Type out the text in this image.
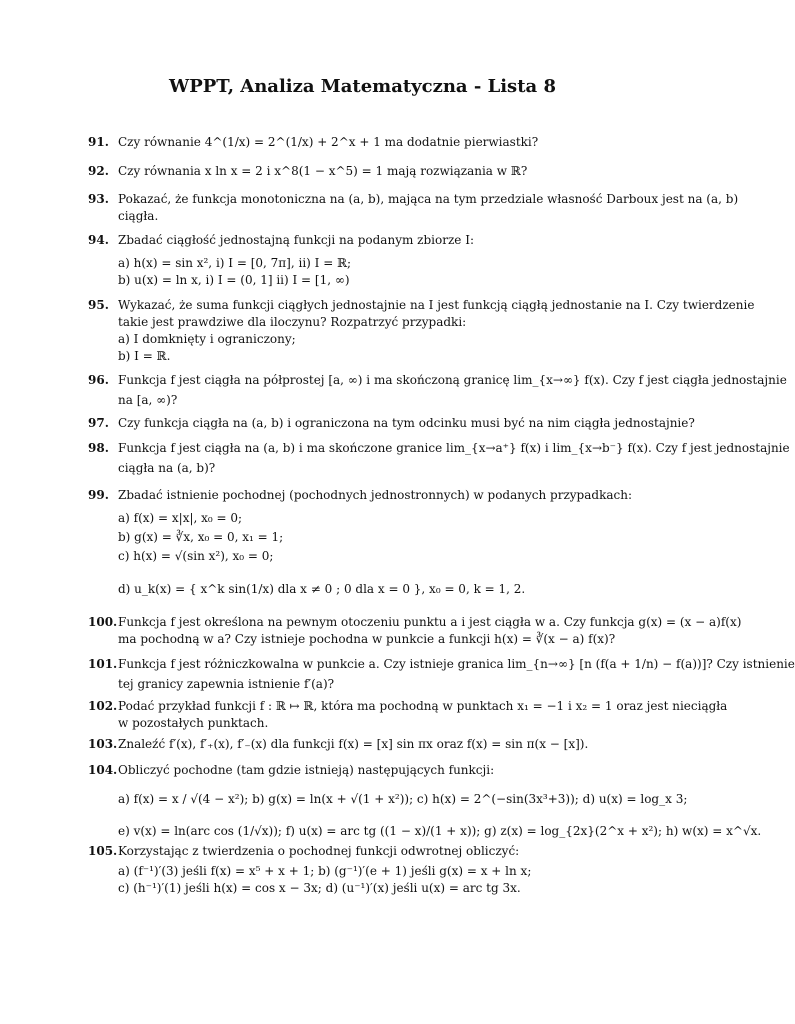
WPPT, Analiza Matematyczna - Lista 8
91. Czy równanie 4^(1/x) = 2^(1/x) + 2^x + 1 ma dodatnie pierwiastki?
92. Czy równania x ln x = 2 i x^8(1 − x^5) = 1 mają rozwiązania w ℝ?
93. Pokazać, że funkcja monotoniczna na (a, b), mająca na tym przedziale własność Darboux jest na (a, b)
ciągła.
94. Zbadać ciągłość jednostajną funkcji na podanym zbiorze I:
a) h(x) = sin x², i) I = [0, 7π], ii) I = ℝ;
b) u(x) = ln x, i) I = (0, 1] ii) I = [1, ∞)
95. Wykazać, że suma funkcji ciągłych jednostajnie na I jest funkcją ciągłą jednostanie na I. Czy twierdzenie
takie jest prawdziwe dla iloczynu? Rozpatrzyć przypadki:
a) I domknięty i ograniczony;
b) I = ℝ.
96. Funkcja f jest ciągła na półprostej [a, ∞) i ma skończoną granicę lim_{x→∞} f(x). Czy f jest ciągła jednostajnie
na [a, ∞)?
97. Czy funkcja ciągła na (a, b) i ograniczona na tym odcinku musi być na nim ciągła jednostajnie?
98. Funkcja f jest ciągła na (a, b) i ma skończone granice lim_{x→a⁺} f(x) i lim_{x→b⁻} f(x). Czy f jest jednostajnie
ciągła na (a, b)?
99. Zbadać istnienie pochodnej (pochodnych jednostronnych) w podanych przypadkach:
a) f(x) = x|x|, x₀ = 0;
b) g(x) = ∛x, x₀ = 0, x₁ = 1;
c) h(x) = √(sin x²), x₀ = 0;
d) u_k(x) = { x^k sin(1/x) dla x ≠ 0 ; 0 dla x = 0 }, x₀ = 0, k = 1, 2.
100. Funkcja f jest określona na pewnym otoczeniu punktu a i jest ciągła w a. Czy funkcja g(x) = (x − a)f(x)
ma pochodną w a? Czy istnieje pochodna w punkcie a funkcji h(x) = ∛(x − a) f(x)?
101. Funkcja f jest różniczkowalna w punkcie a. Czy istnieje granica lim_{n→∞} [n (f(a + 1/n) − f(a))]? Czy istnienie
tej granicy zapewnia istnienie f′(a)?
102. Podać przykład funkcji f : ℝ ↦ ℝ, która ma pochodną w punktach x₁ = −1 i x₂ = 1 oraz jest nieciągła
w pozostałych punktach.
103. Znaleźć f′(x), f′₊(x), f′₋(x) dla funkcji f(x) = [x] sin πx oraz f(x) = sin π(x − [x]).
104. Obliczyć pochodne (tam gdzie istnieją) następujących funkcji:
a) f(x) = x / √(4 − x²); b) g(x) = ln(x + √(1 + x²)); c) h(x) = 2^(−sin(3x³+3)); d) u(x) = log_x 3;
e) v(x) = ln(arc cos (1/√x)); f) u(x) = arc tg ((1 − x)/(1 + x)); g) z(x) = log_{2x}(2^x + x²); h) w(x) = x^√x.
105. Korzystając z twierdzenia o pochodnej funkcji odwrotnej obliczyć:
a) (f⁻¹)′(3) jeśli f(x) = x⁵ + x + 1; b) (g⁻¹)′(e + 1) jeśli g(x) = x + ln x;
c) (h⁻¹)′(1) jeśli h(x) = cos x − 3x; d) (u⁻¹)′(x) jeśli u(x) = arc tg 3x.
